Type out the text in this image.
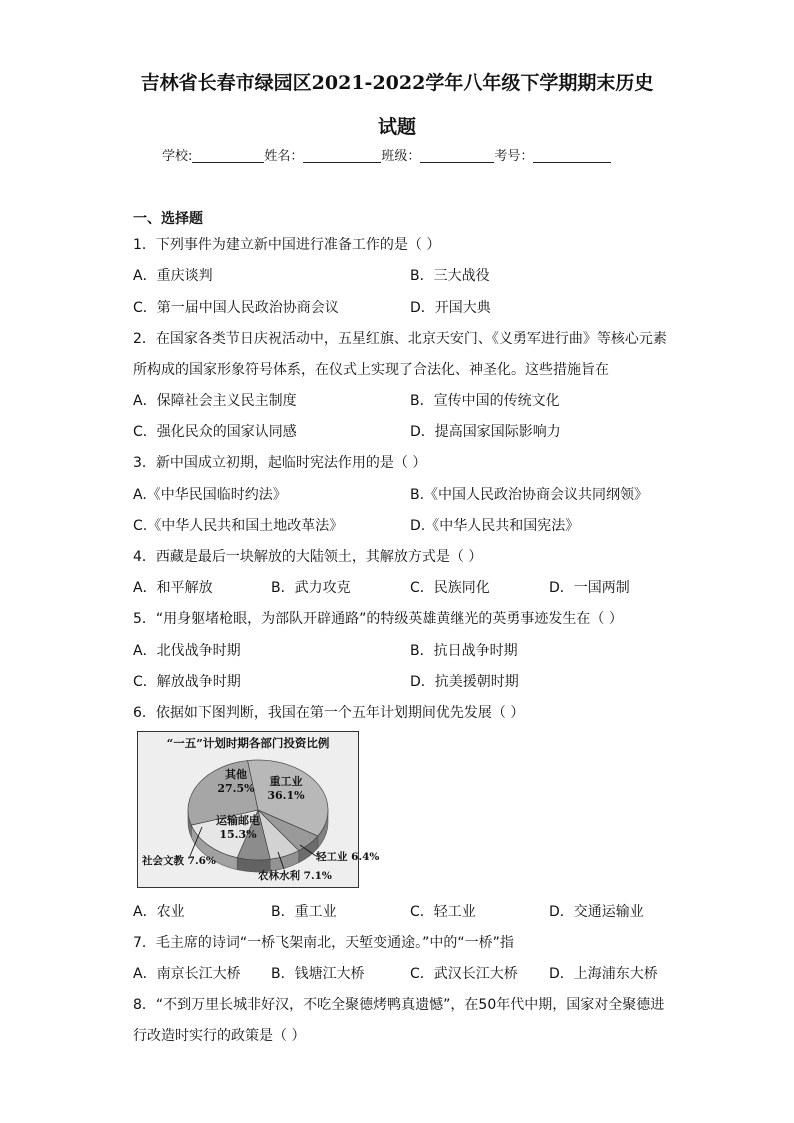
吉林省长春市绿园区2021-2022学年八年级下学期期末历史
试题
学校:	姓名：	班级：	考号：
一、选择题
1．下列事件为建立新中国进行准备工作的是（ ）
A．重庆谈判	B．三大战役
C．第一届中国人民政治协商会议	D．开国大典
2．在国家各类节日庆祝活动中，五星红旗、北京天安门、《义勇军进行曲》等核心元素
所构成的国家形象符号体系，在仪式上实现了合法化、神圣化。这些措施旨在
A．保障社会主义民主制度	B．宣传中国的传统文化
C．强化民众的国家认同感	D．提高国家国际影响力
3．新中国成立初期，起临时宪法作用的是（ ）
A.《中华民国临时约法》	B.《中国人民政治协商会议共同纲领》
C.《中华人民共和国土地改革法》	D.《中华人民共和国宪法》
4．西藏是最后一块解放的大陆领土，其解放方式是（ ）
A．和平解放	B．武力攻克	C．民族同化	D．一国两制
5．“用身躯堵枪眼，为部队开辟通路”的特级英雄黄继光的英勇事迹发生在（ ）
A．北伐战争时期	B．抗日战争时期
C．解放战争时期	D．抗美援朝时期
6．依据如下图判断，我国在第一个五年计划期间优先发展（ ）
“一五”计划时期各部门投资比例
重工业
36.1%
其他
27.5%
运输邮电
15.3%
轻工业 6.4%
农林水利 7.1%
社会文教 7.6%
A．农业	B．重工业	C．轻工业	D．交通运输业
7．毛主席的诗词“一桥飞架南北，天堑变通途。”中的“一桥”指
A．南京长江大桥 B．钱塘江大桥	C．武汉长江大桥 D．上海浦东大桥
8．“不到万里长城非好汉，不吃全聚德烤鸭真遗憾”，在50年代中期，国家对全聚德进
行改造时实行的政策是（ ）
